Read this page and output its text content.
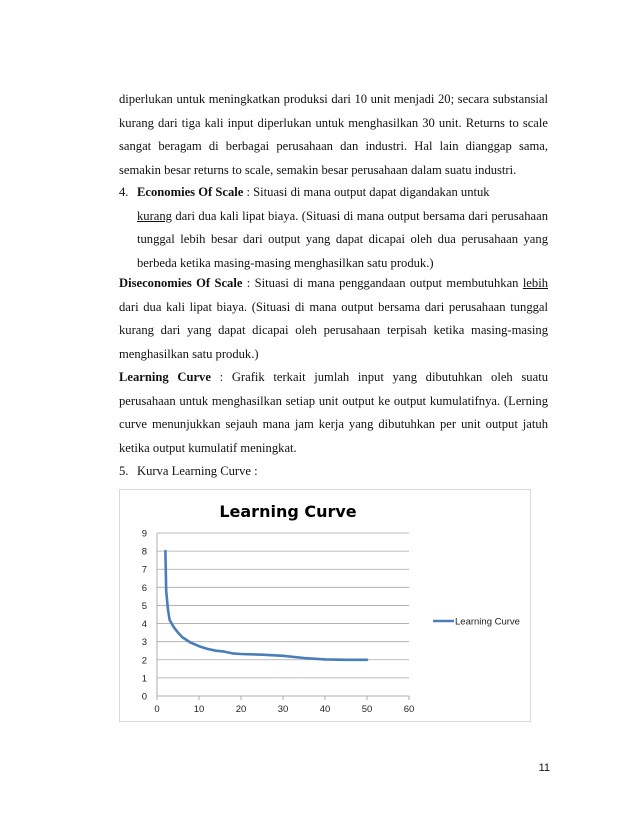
diperlukan untuk meningkatkan produksi dari 10 unit menjadi 20; secara substansial kurang dari tiga kali input diperlukan untuk menghasilkan 30 unit. Returns to scale sangat beragam di berbagai perusahaan dan industri. Hal lain dianggap sama, semakin besar returns to scale, semakin besar perusahaan dalam suatu industri.

4. Economies Of Scale : Situasi di mana output dapat digandakan untuk

kurang dari dua kali lipat biaya. (Situasi di mana output bersama dari perusahaan tunggal lebih besar dari output yang dapat dicapai oleh dua perusahaan yang berbeda ketika masing-masing menghasilkan satu produk.)

Diseconomies Of Scale : Situasi di mana penggandaan output membutuhkan lebih dari dua kali lipat biaya. (Situasi di mana output bersama dari perusahaan tunggal kurang dari yang dapat dicapai oleh perusahaan terpisah ketika masing-masing menghasilkan satu produk.)

Learning Curve : Grafik terkait jumlah input yang dibutuhkan oleh suatu perusahaan untuk menghasilkan setiap unit output ke output kumulatifnya. (Lerning curve menunjukkan sejauh mana jam kerja yang dibutuhkan per unit output jatuh ketika output kumulatif meningkat.

5. Kurva Learning Curve :

Learning Curve
0
1
2
3
4
5
6
7
8
9
0	10	20	30	40	50	60
Learning Curve
11
